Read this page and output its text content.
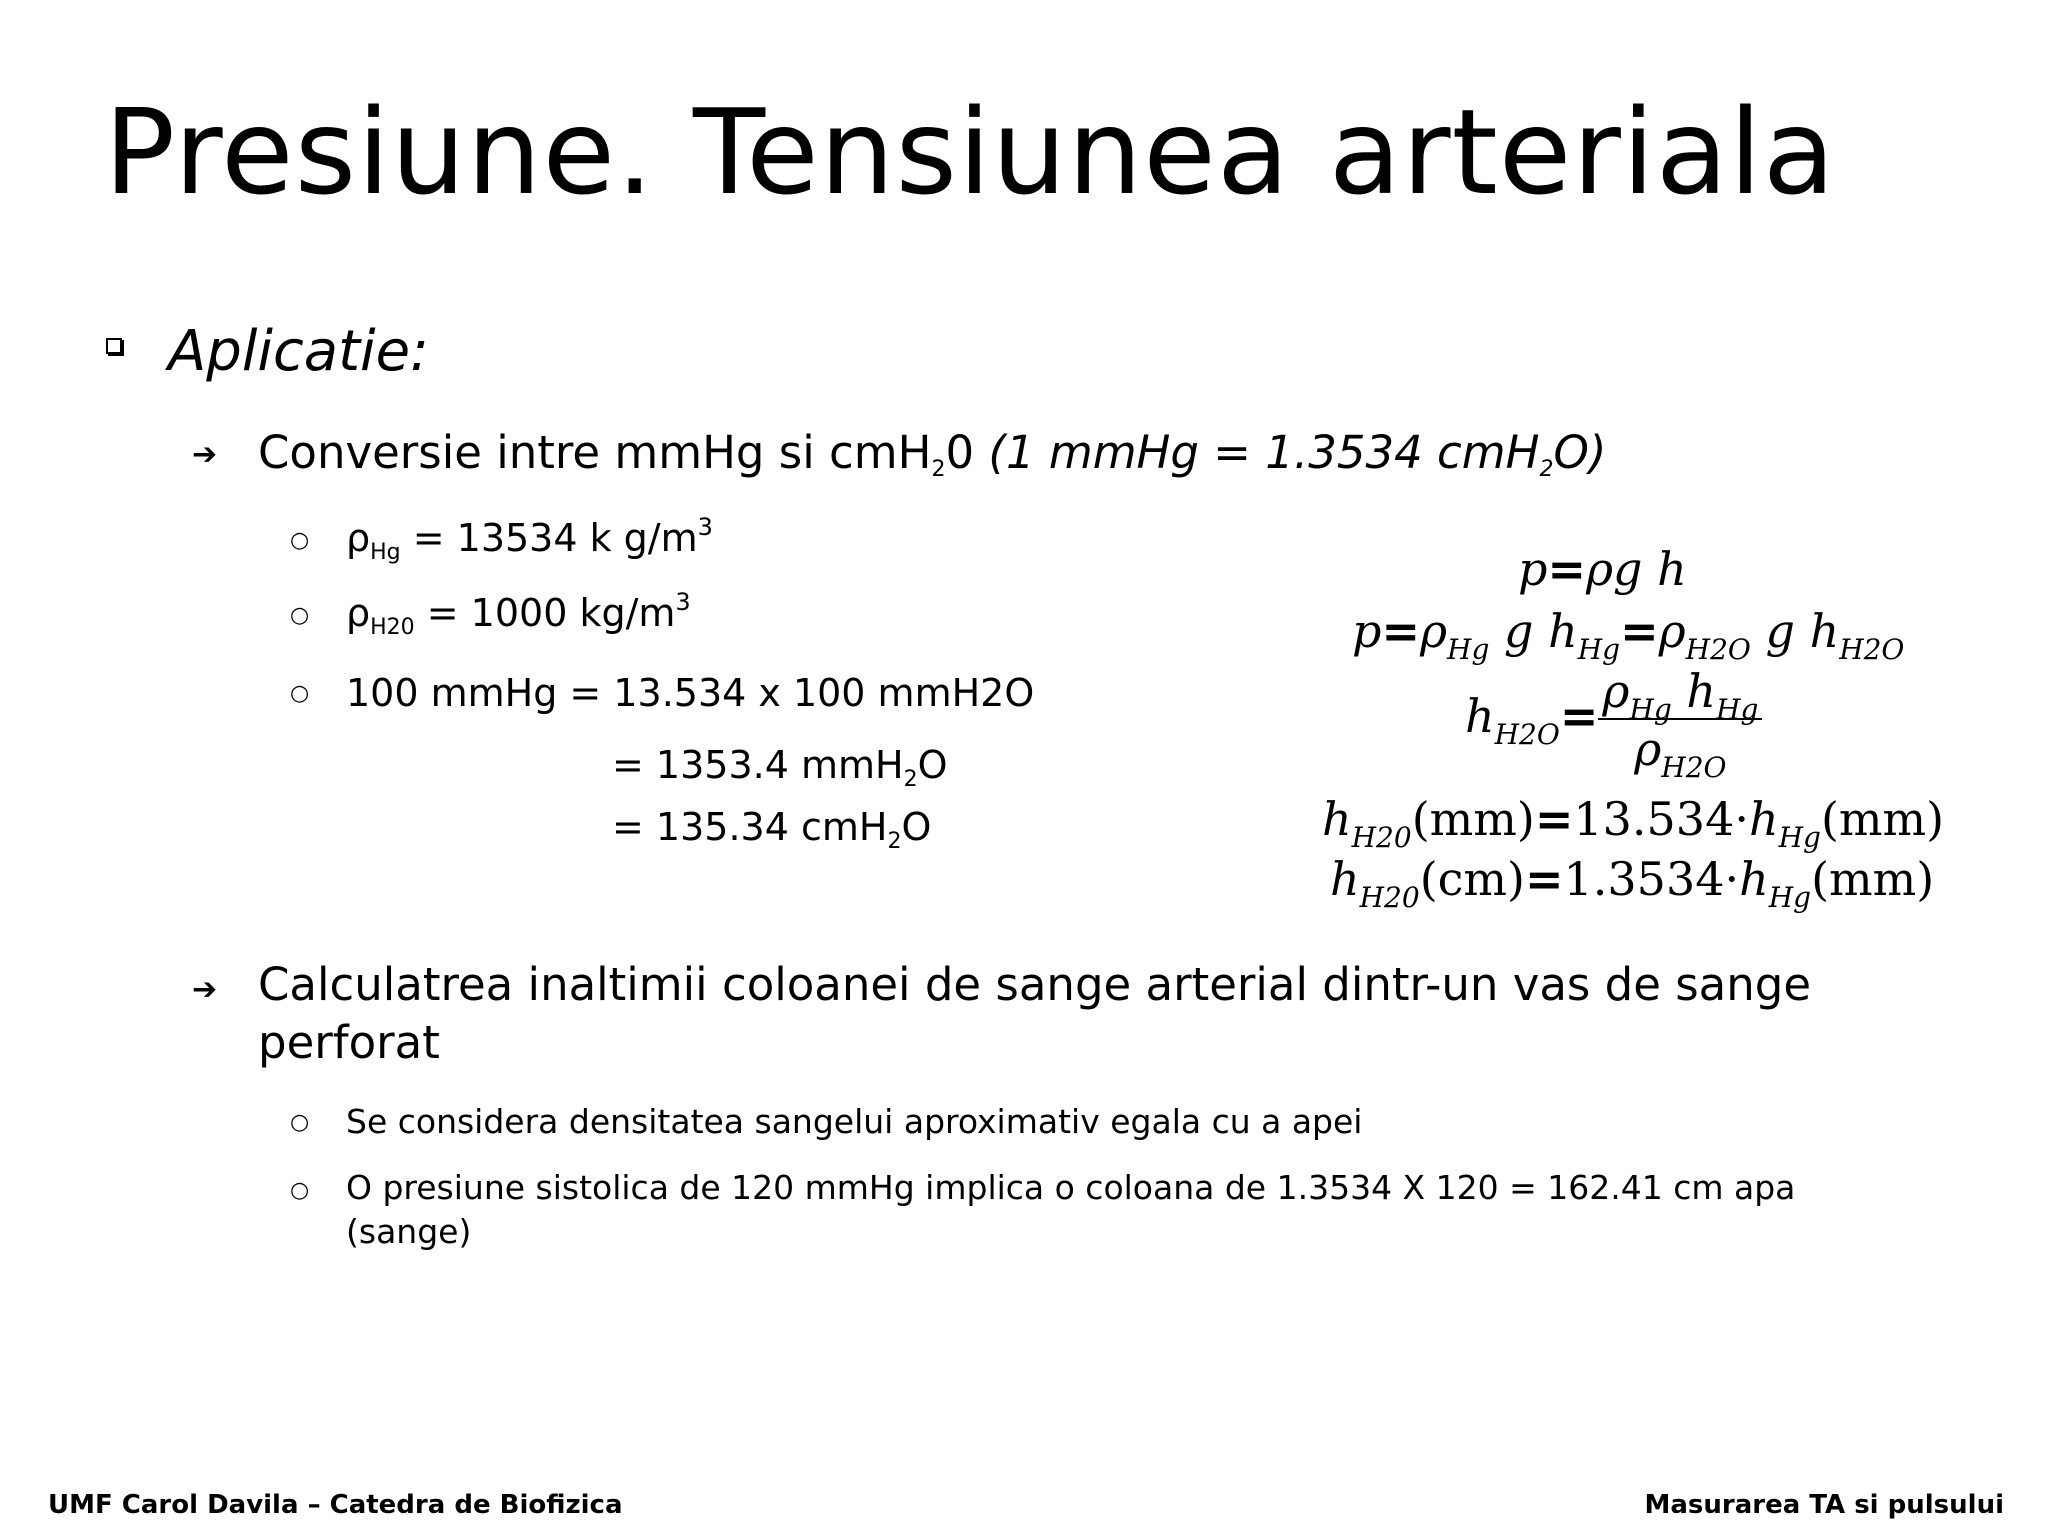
Presiune. Tensiunea arteriala
Aplicatie:
➔ Conversie intre mmHg si cmH$_2$0 (1 mmHg = 1.3534 cmH$_2$O)
○ $\rho_{Hg} = 13534$ k $g/m^3$
○ $\rho_{H20} = 1000$ $kg/m^3$
○ 100 mmHg = 13.534 x 100 mmH2O
= 1353.4 mmH$_2$O
= 135.34 cmH$_2$O
p=ρg h
$p=\rho_{Hg}$ g $h_{Hg}=\rho_{H2O}$ g $h_{H2O}$
$h_{H2O}= \frac{\rho_{Hg} h_{Hg}}{\rho_{H2O}}$
$h_{H20}(mm)=13.534\cdot h_{Hg}(mm)$
$h_{H20}(cm)=1.3534\cdot h_{Hg}(mm)$
➔ Calculatrea inaltimii coloanei de sange arterial dintr-un vas de sange
perforat
○ Se considera densitatea sangelui aproximativ egala cu a apei
○ O presiune sistolica de 120 mmHg implica o coloana de 1.3534 X 120 = 162.41 cm apa
(sange)
UMF Carol Davila – Catedra de Biofizica	Masurarea TA si pulsului
